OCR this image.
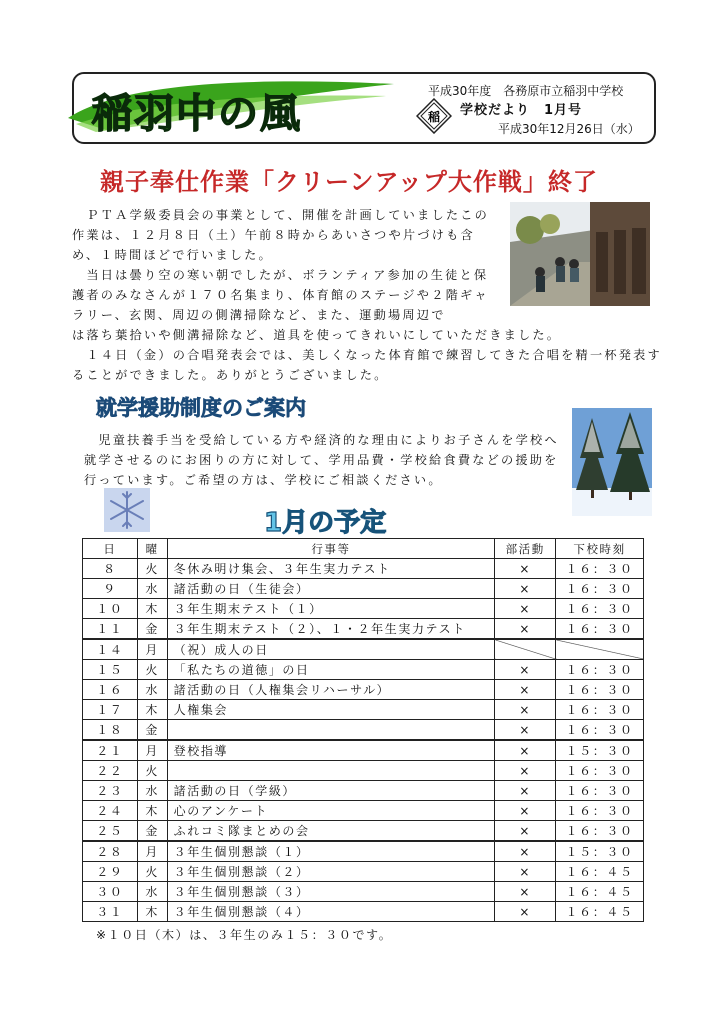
稲羽中の風	平成30年度　各務原市立稲羽中学校
稲 学校だより　1月号
平成30年12月26日（水）
親子奉仕作業「クリーンアップ大作戦」終了
　ＰＴＡ学級委員会の事業として、開催を計画していましたこの作業は、１２月８日（土）午前８時からあいさつや片づけも含め、１時間ほどで行いました。
　当日は曇り空の寒い朝でしたが、ボランティア参加の生徒と保護者のみなさんが１７０名集まり、体育館のステージや２階ギャラリー、玄関、周辺の側溝掃除など、また、運動場周辺で
は落ち葉拾いや側溝掃除など、道具を使ってきれいにしていただきました。
　１４日（金）の合唱発表会では、美しくなった体育館で練習してきた合唱を精一杯発表することができました。ありがとうございました。
就学援助制度のご案内
　児童扶養手当を受給している方や経済的な理由によりお子さんを学校へ就学させるのにお困りの方に対して、学用品費・学校給食費などの援助を行っています。ご希望の方は、学校にご相談ください。
1月の予定
日	曜	行事等	部活動	下校時刻
８	火	冬休み明け集会、３年生実力テスト	×	１６：３０
９	水	諸活動の日（生徒会）	×	１６：３０
１０	木	３年生期末テスト（１）	×	１６：３０
１１	金	３年生期末テスト（２）、１・２年生実力テスト	×	１６：３０
１４	月	（祝）成人の日		
１５	火	「私たちの道徳」の日	×	１６：３０
１６	水	諸活動の日（人権集会リハーサル）	×	１６：３０
１７	木	人権集会	×	１６：３０
１８	金		×	１６：３０
２１	月	登校指導	×	１５：３０
２２	火		×	１６：３０
２３	水	諸活動の日（学級）	×	１６：３０
２４	木	心のアンケート	×	１６：３０
２５	金	ふれコミ隊まとめの会	×	１６：３０
２８	月	３年生個別懇談（１）	×	１５：３０
２９	火	３年生個別懇談（２）	×	１６：４５
３０	水	３年生個別懇談（３）	×	１６：４５
３１	木	３年生個別懇談（４）	×	１６：４５
※１０日（木）は、３年生のみ１５：３０です。
